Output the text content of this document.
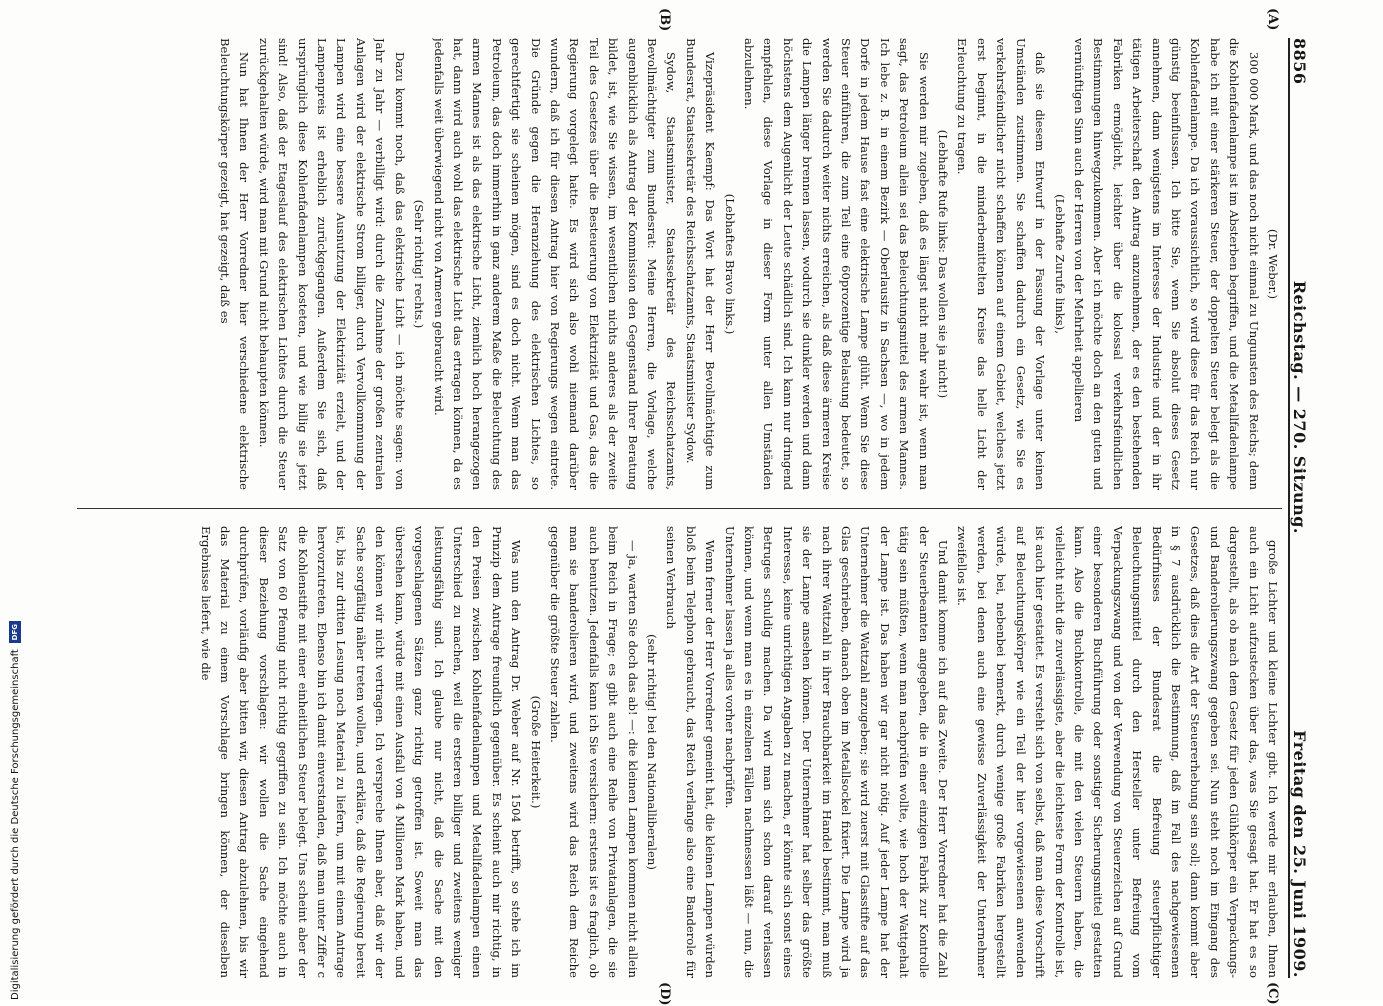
8856
Reichstag. — 270. Sitzung.
Freitag den 25. Juni 1909.

(Dr. Weber.)

300 000 Mark, und das noch nicht einmal zu Ungunsten des Reichs; denn die Kohlenfadenlampe ist im Absterben begriffen, und die Metallfadenlampe habe ich mit einer stärkeren Steuer, der doppelten Steuer belegt als die Kohlenfadenlampe. Da ich voraussichtlich, so wird diese für das Reich nur günstig beeinflussen. Ich bitte Sie, wenn Sie absolut dieses Gesetz annehmen, dann wenigstens im Interesse der Industrie und der in ihr tätigen Arbeiterschaft den Antrag anzunehmen, der es den bestehenden Fabriken ermöglicht, leichter über die kolossal verkehrsfeindlichen Bestimmungen hinwegzukommen. Aber ich möchte doch an den guten und vernünftigen Sinn auch der Herren von der Mehrheit appellieren

(Lebhafte Zurufe links),

daß sie diesem Entwurf in der Fassung der Vorlage unter keinen Umständen zustimmen. Sie schaffen dadurch ein Gesetz, wie Sie es verkehrsfeindlicher nicht schaffen können auf einem Gebiet, welches jetzt erst beginnt, in die minderbemittelten Kreise das helle Licht der Erleuchtung zu tragen.

(Lebhafte Rufe links: Das wollen sie ja nicht!)

Sie werden mir zugeben, daß es längst nicht mehr wahr ist, wenn man sagt, das Petroleum allein sei das Beleuchtungsmittel des armen Mannes. Ich lebe z. B. in einem Bezirk — Oberlausitz in Sachsen —, wo in jedem Dorfe in jedem Hause fast eine elektrische Lampe glüht. Wenn Sie diese Steuer einführen, die zum Teil eine 60prozentige Belastung bedeutet, so werden Sie dadurch weiter nichts erreichen, als daß diese ärmeren Kreise die Lampen länger brennen lassen, wodurch sie dunkler werden und dann höchstens dem Augenlicht der Leute schädlich sind. Ich kann nur dringend empfehlen, diese Vorlage in dieser Form unter allen Umständen abzulehnen.

(Lebhaftes Bravo links.)

Vizepräsident Kaempf: Das Wort hat der Herr Bevollmächtigte zum Bundesrat, Staatssekretär des Reichsschatzamts, Staatsminister Sydow.

Sydow, Staatsminister, Staatssekretär des Reichsschatzamts, Bevollmächtigter zum Bundesrat: Meine Herren, die Vorlage, welche augenblicklich als Antrag der Kommission den Gegenstand Ihrer Beratung bildet, ist, wie Sie wissen, im wesentlichen nichts anderes als der zweite Teil des Gesetzes über die Besteuerung von Elektrizität und Gas, das die Regierung vorgelegt hatte. Es wird sich also wohl niemand darüber wundern, daß ich für diesen Antrag hier von Regierungs wegen eintrete. Die Gründe gegen die Heranziehung des elektrischen Lichtes, so gerechtfertigt sie scheinen mögen, sind es doch nicht. Wenn man das Petroleum, das doch immerhin in ganz anderem Maße die Beleuchtung des armen Mannes ist als das elektrische Licht, ziemlich hoch herangezogen hat, dann wird auch wohl das elektrische Licht das ertragen können, da es jedenfalls weit überwiegend nicht von Armeren gebraucht wird.

(Sehr richtig! rechts.)

Dazu kommt noch, daß das elektrische Licht — ich möchte sagen: von Jahr zu Jahr — verbilligt wird: durch die Zunahme der großen zentralen Anlagen wird der elektrische Strom billiger, durch Vervollkommnung der Lampen wird eine bessere Ausnutzung der Elektrizität erzielt, und der Lampenpreis ist erheblich zurückgegangen. Außerdem Sie sich, daß ursprünglich diese Kohlenfadenlampen kosteten, und wie billig sie jetzt sind! Also, daß der Etageslauf des elektrischen Lichtes durch die Steuer zurückgehalten würde, wird man mit Grund nicht behaupten können.

Nun hat Ihnen der Herr Vorredner hier verschiedene elektrische Beleuchtungskörper gezeigt, hat gezeigt, daß es

große Lichter und kleine Lichter gibt. Ich werde mir erlauben, Ihnen auch ein Licht aufzustecken über das, was Sie gesagt hat. Er hat es so dargestellt, als ob nach dem Gesetz für jeden Glühkörper ein Verpackungs- und Banderolierungszwang gegeben sei. Nun steht noch im Eingang des Gesetzes, daß dies die Art der Steuererhebung sein soll; dann kommt aber in § 7 ausdrücklich die Bestimmung, daß im Fall des nachgewiesenen Bedürfnisses der Bundesrat die Befreiung steuerpflichtiger Beleuchtungsmittel durch den Hersteller unter Befreiung vom Verpackungszwang und von der Verwendung von Steuerzeichen auf Grund einer besonderen Buchführung oder sonstiger Sicherungsmittel gestatten kann. Also die Buchkontrolle, die mit den vielen Steuern haben, die vielleicht nicht die zuverlässigste, aber die leichteste Form der Kontrolle ist, ist auch hier gestattet. Es versteht sich von selbst, daß man diese Vorschrift auf Beleuchtungskörper wie ein Teil der hier vorgewiesenen anwenden würde, bei, nebenbei bemerkt, durch wenige große Fabriken hergestellt werden, bei denen auch eine gewisse Zuverlässigkeit der Unternehmer zweifellos ist.

Und damit komme ich auf das Zweite. Der Herr Vorredner hat die Zahl der Steuerbeamten angegeben, die in einer einzigen Fabrik zur Kontrolle tätig sein müßten, wenn man nachprüfen wollte, wie hoch der Wattgehalt der Lampe ist. Das haben wir gar nicht nötig. Auf jeder Lampe hat der Unternehmer die Wattzahl anzugeben; sie wird zuerst mit Glasstifte auf das Glas geschrieben, danach oben im Metallsockel fixiert. Die Lampe wird ja nach ihrer Wattzahl in ihrer Brauchbarkeit im Handel bestimmt, man muß sie der Lampe ansehen können. Der Unternehmer hat selber das größte Interesse, keine unrichtigen Angaben zu machen, er könnte sich sonst eines Betruges schuldig machen. Da wird man sich schon darauf verlassen können, und wenn man es in einzelnen Fällen nachmessen läßt — nun, die Unternehmer lassen ja alles vorher nachprüfen.

Wenn ferner der Herr Vorredner gemeint hat, die kleinen Lampen würden bloß beim Telephon gebraucht, das Reich verlange also eine Banderole für seinen Verbrauch

(sehr richtig! bei den Nationalliberalen)

— ja, warten Sie doch das ab! —: die kleinen Lampen kommen nicht allein beim Reich in Frage; es gibt auch eine Reihe von Privatanlagen, die sie auch benutzen. Jedenfalls kann ich Sie versichern: erstens ist es fraglich, ob man sie banderolieren wird, und zweitens wird das Reich dem Reiche gegenüber die größte Steuer zahlen.

(Große Heiterkeit.)

Was nun den Antrag Dr. Weber auf Nr. 1504 betrifft, so stehe ich im Prinzip dem Antrage freundlich gegenüber. Es scheint auch mir richtig, in den Preisen zwischen Kohlenfadenlampen und Metallfadenlampen einen Unterschied zu machen, weil die ersteren billiger und zweitens weniger leistungsfähig sind. Ich glaube nur nicht, daß die Sache mit den vorgeschlagenen Sätzen ganz richtig getroffen ist. Soweit man das übersehen kann, würde mit einen Ausfall von 4 Millionen Mark haben, und den können wir nicht vertragen. Ich verspreche Ihnen aber, daß wir der Sache sorgfältig näher treten wollen, und erkläre, daß die Regierung bereit ist, bis zur dritten Lesung noch Material zu liefern, um mit einem Antrage hervorzutreten. Ebenso bin ich damit einverstanden, daß man unter Ziffer c die Kohlenstifte mit einer einheitlichen Steuer belegt. Uns scheint aber der Satz von 60 Pfennig nicht richtig gegriffen zu sein. Ich möchte auch in dieser Beziehung vorschlagen: wir wollen die Sache eingehend durchprüfen, vorläufig aber bitten wir, diesen Antrag abzulehnen, bis wir das Material zu einem Vorschlage bringen können, der dieselben Ergebnisse liefert, wie die

(A)
(B)
(C)
(D)
Digitalisierung gefördert durch die Deutsche Forschungsgemeinschaft
DFG
